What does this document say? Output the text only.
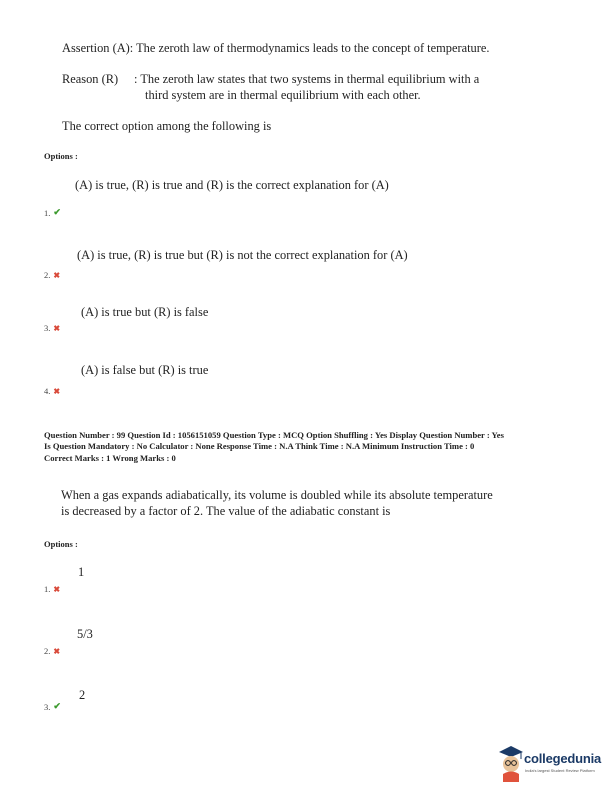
Assertion (A): The zeroth law of thermodynamics leads to the concept of temperature.
Reason (R) : The zeroth law states that two systems in thermal equilibrium with a
third system are in thermal equilibrium with each other.
The correct option among the following is
Options :
(A) is true, (R) is true and (R) is the correct explanation for (A)
1. ✔
(A) is true, (R) is true but (R) is not the correct explanation for (A)
2. ✖
(A) is true but (R) is false
3. ✖
(A) is false but (R) is true
4. ✖
Question Number : 99 Question Id : 1056151059 Question Type : MCQ Option Shuffling : Yes Display Question Number : Yes
Is Question Mandatory : No Calculator : None Response Time : N.A Think Time : N.A Minimum Instruction Time : 0
Correct Marks : 1 Wrong Marks : 0
When a gas expands adiabatically, its volume is doubled while its absolute temperature
is decreased by a factor of 2. The value of the adiabatic constant is
Options :
1
1. ✖
5/3
2. ✖
2
3. ✔
collegedunia
India's largest Student Review Platform
